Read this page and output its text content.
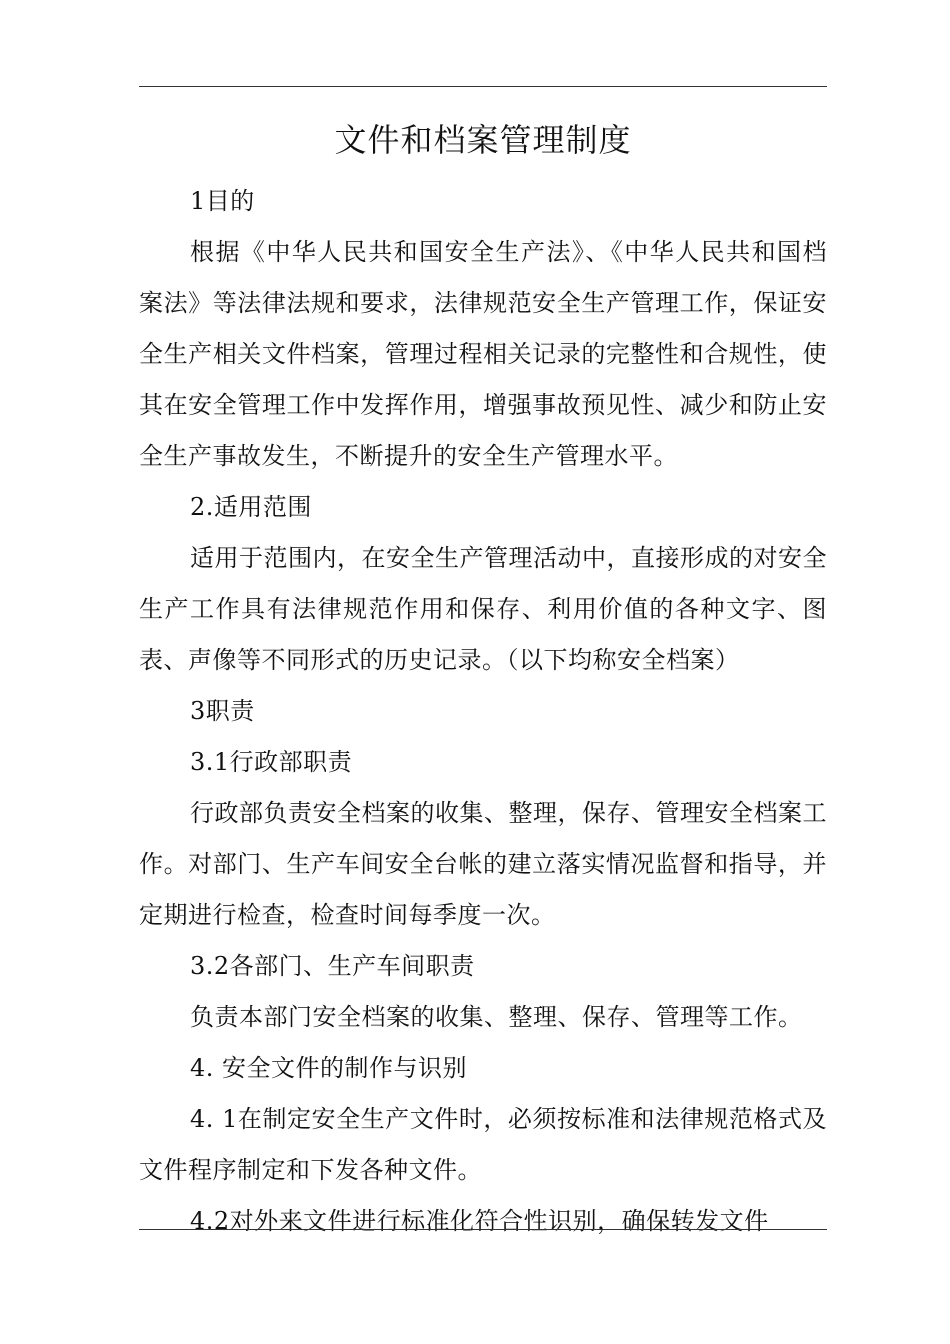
文件和档案管理制度

1目的

根据《中华人民共和国安全生产法》、《中华人民共和国档案法》等法律法规和要求，法律规范安全生产管理工作，保证安全生产相关文件档案，管理过程相关记录的完整性和合规性，使其在安全管理工作中发挥作用，增强事故预见性、减少和防止安全生产事故发生，不断提升的安全生产管理水平。

2.适用范围

适用于范围内，在安全生产管理活动中，直接形成的对安全生产工作具有法律规范作用和保存、利用价值的各种文字、图表、声像等不同形式的历史记录。（以下均称安全档案）

3职责

3.1行政部职责

行政部负责安全档案的收集、整理，保存、管理安全档案工作。对部门、生产车间安全台帐的建立落实情况监督和指导，并定期进行检查，检查时间每季度一次。

3.2各部门、生产车间职责

负责本部门安全档案的收集、整理、保存、管理等工作。

4. 安全文件的制作与识别

4. 1在制定安全生产文件时，必须按标准和法律规范格式及文件程序制定和下发各种文件。

4.2对外来文件进行标准化符合性识别，确保转发文件
